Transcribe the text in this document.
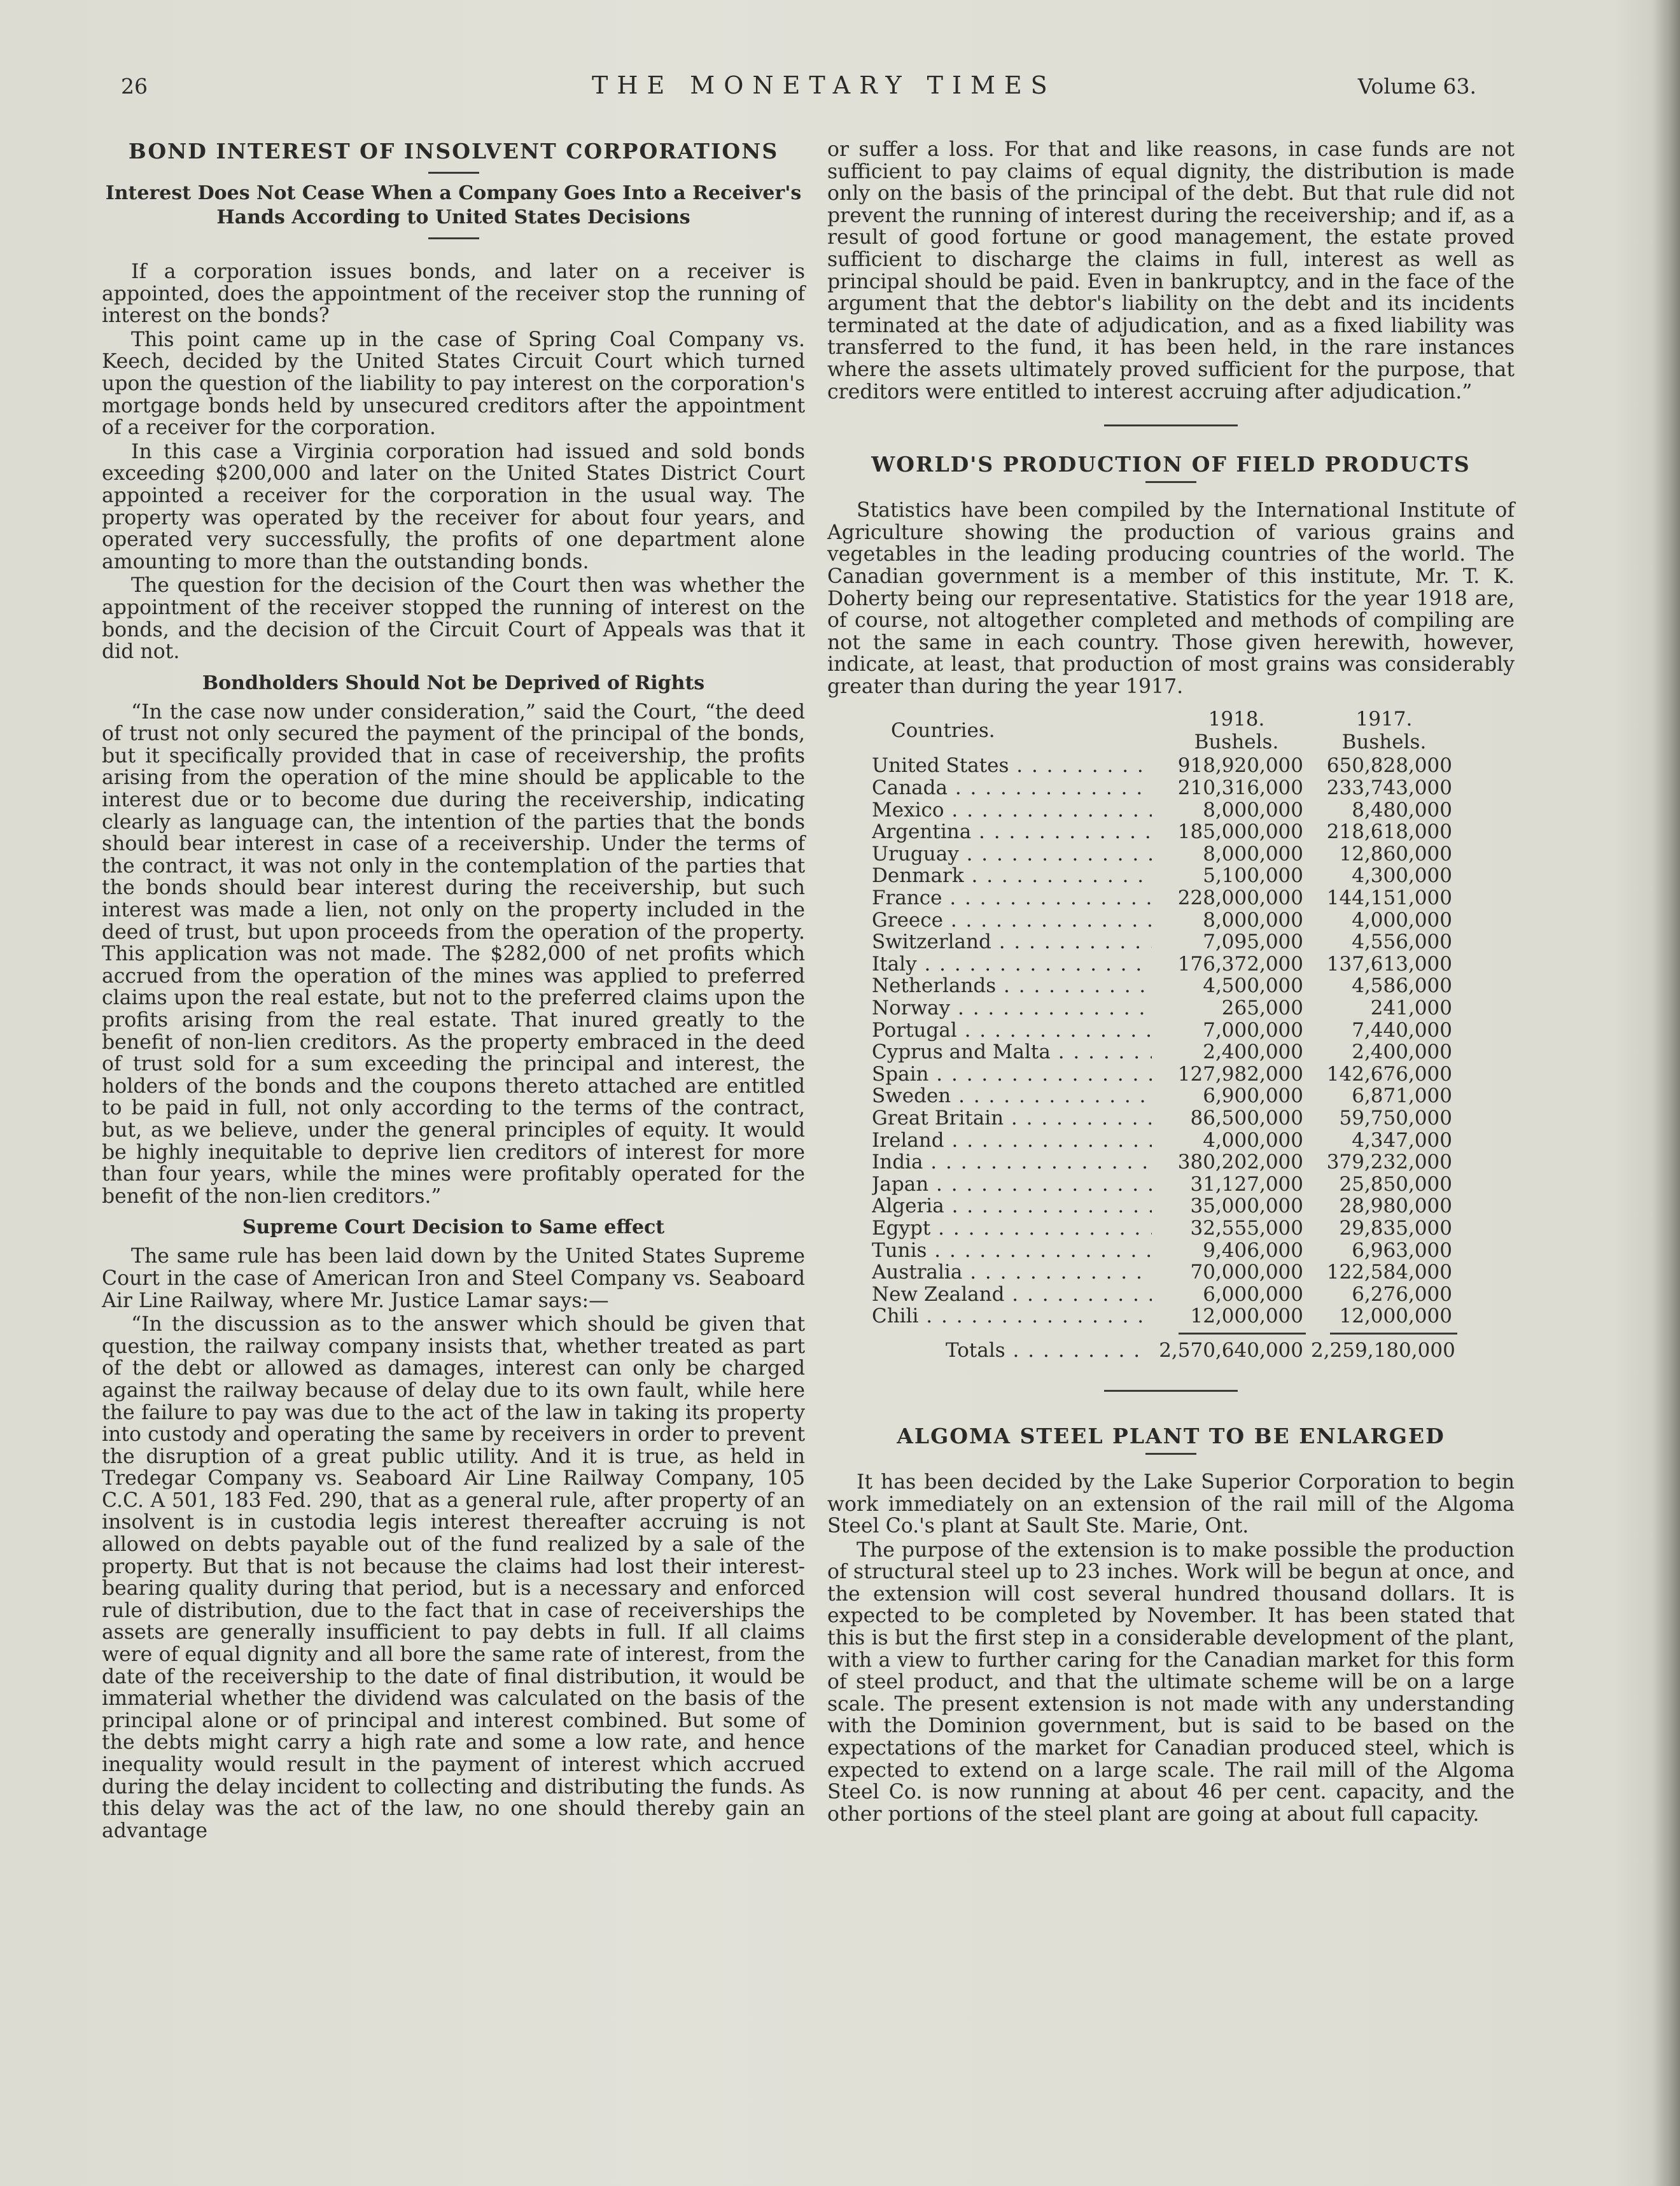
26	THE MONETARY TIMES	Volume 63.
BOND INTEREST OF INSOLVENT CORPORATIONS
Interest Does Not Cease When a Company Goes Into a Receiver's Hands According to United States Decisions

If a corporation issues bonds, and later on a receiver is appointed, does the appointment of the receiver stop the running of interest on the bonds?

This point came up in the case of Spring Coal Company vs. Keech, decided by the United States Circuit Court which turned upon the question of the liability to pay interest on the corporation's mortgage bonds held by unsecured creditors after the appointment of a receiver for the corporation.

In this case a Virginia corporation had issued and sold bonds exceeding $200,000 and later on the United States District Court appointed a receiver for the corporation in the usual way. The property was operated by the receiver for about four years, and operated very successfully, the profits of one department alone amounting to more than the outstanding bonds.

The question for the decision of the Court then was whether the appointment of the receiver stopped the running of interest on the bonds, and the decision of the Circuit Court of Appeals was that it did not.

Bondholders Should Not be Deprived of Rights

“In the case now under consideration,” said the Court, “the deed of trust not only secured the payment of the principal of the bonds, but it specifically provided that in case of receivership, the profits arising from the operation of the mine should be applicable to the interest due or to become due during the receivership, indicating clearly as language can, the intention of the parties that the bonds should bear interest in case of a receivership. Under the terms of the contract, it was not only in the contemplation of the parties that the bonds should bear interest during the receivership, but such interest was made a lien, not only on the property included in the deed of trust, but upon proceeds from the operation of the property. This application was not made. The $282,000 of net profits which accrued from the operation of the mines was applied to preferred claims upon the real estate, but not to the preferred claims upon the profits arising from the real estate. That inured greatly to the benefit of non-lien creditors. As the property embraced in the deed of trust sold for a sum exceeding the principal and interest, the holders of the bonds and the coupons thereto attached are entitled to be paid in full, not only according to the terms of the contract, but, as we believe, under the general principles of equity. It would be highly inequitable to deprive lien creditors of interest for more than four years, while the mines were profitably operated for the benefit of the non-lien creditors.”

Supreme Court Decision to Same effect

The same rule has been laid down by the United States Supreme Court in the case of American Iron and Steel Company vs. Seaboard Air Line Railway, where Mr. Justice Lamar says:—

“In the discussion as to the answer which should be given that question, the railway company insists that, whether treated as part of the debt or allowed as damages, interest can only be charged against the railway because of delay due to its own fault, while here the failure to pay was due to the act of the law in taking its property into custody and operating the same by receivers in order to prevent the disruption of a great public utility. And it is true, as held in Tredegar Company vs. Seaboard Air Line Railway Company, 105 C.C. A 501, 183 Fed. 290, that as a general rule, after property of an insolvent is in custodia legis interest thereafter accruing is not allowed on debts payable out of the fund realized by a sale of the property. But that is not because the claims had lost their interest-bearing quality during that period, but is a necessary and enforced rule of distribution, due to the fact that in case of receiverships the assets are generally insufficient to pay debts in full. If all claims were of equal dignity and all bore the same rate of interest, from the date of the receivership to the date of final distribution, it would be immaterial whether the dividend was calculated on the basis of the principal alone or of principal and interest combined. But some of the debts might carry a high rate and some a low rate, and hence inequality would result in the payment of interest which accrued during the delay incident to collecting and distributing the funds. As this delay was the act of the law, no one should thereby gain an advantage

or suffer a loss. For that and like reasons, in case funds are not sufficient to pay claims of equal dignity, the distribution is made only on the basis of the principal of the debt. But that rule did not prevent the running of interest during the receivership; and if, as a result of good fortune or good management, the estate proved sufficient to discharge the claims in full, interest as well as principal should be paid. Even in bankruptcy, and in the face of the argument that the debtor's liability on the debt and its incidents terminated at the date of adjudication, and as a fixed liability was transferred to the fund, it has been held, in the rare instances where the assets ultimately proved sufficient for the purpose, that creditors were entitled to interest accruing after adjudication.”

WORLD'S PRODUCTION OF FIELD PRODUCTS

Statistics have been compiled by the International Institute of Agriculture showing the production of various grains and vegetables in the leading producing countries of the world. The Canadian government is a member of this institute, Mr. T. K. Doherty being our representative. Statistics for the year 1918 are, of course, not altogether completed and methods of compiling are not the same in each country. Those given herewith, however, indicate, at least, that production of most grains was considerably greater than during the year 1917.

Countries.	1918.
Bushels.
1917.
Bushels.
United States . . .	918,920,000	650,828,000
Canada . . .	210,316,000	233,743,000
Mexico . . .	8,000,000	8,480,000
Argentina . . .	185,000,000	218,618,000
Uruguay . . .	8,000,000	12,860,000
Denmark . . .	5,100,000	4,300,000
France . . .	228,000,000	144,151,000
Greece . . .	8,000,000	4,000,000
Switzerland . . .	7,095,000	4,556,000
Italy . . .	176,372,000	137,613,000
Netherlands . . .	4,500,000	4,586,000
Norway . . .	265,000	241,000
Portugal . . .	7,000,000	7,440,000
Cyprus and Malta . . .	2,400,000	2,400,000
Spain . . .	127,982,000	142,676,000
Sweden . . .	6,900,000	6,871,000
Great Britain . . .	86,500,000	59,750,000
Ireland . . .	4,000,000	4,347,000
India . . .	380,202,000	379,232,000
Japan . . .	31,127,000	25,850,000
Algeria . . .	35,000,000	28,980,000
Egypt . . .	32,555,000	29,835,000
Tunis . . .	9,406,000	6,963,000
Australia . . .	70,000,000	122,584,000
New Zealand . . .	6,000,000	6,276,000
Chili . . .	12,000,000	12,000,000
Totals . . .	2,570,640,000 2,259,180,000
ALGOMA STEEL PLANT TO BE ENLARGED

It has been decided by the Lake Superior Corporation to begin work immediately on an extension of the rail mill of the Algoma Steel Co.'s plant at Sault Ste. Marie, Ont.

The purpose of the extension is to make possible the production of structural steel up to 23 inches. Work will be begun at once, and the extension will cost several hundred thousand dollars. It is expected to be completed by November. It has been stated that this is but the first step in a considerable development of the plant, with a view to further caring for the Canadian market for this form of steel product, and that the ultimate scheme will be on a large scale. The present extension is not made with any understanding with the Dominion government, but is said to be based on the expectations of the market for Canadian produced steel, which is expected to extend on a large scale. The rail mill of the Algoma Steel Co. is now running at about 46 per cent. capacity, and the other portions of the steel plant are going at about full capacity.
